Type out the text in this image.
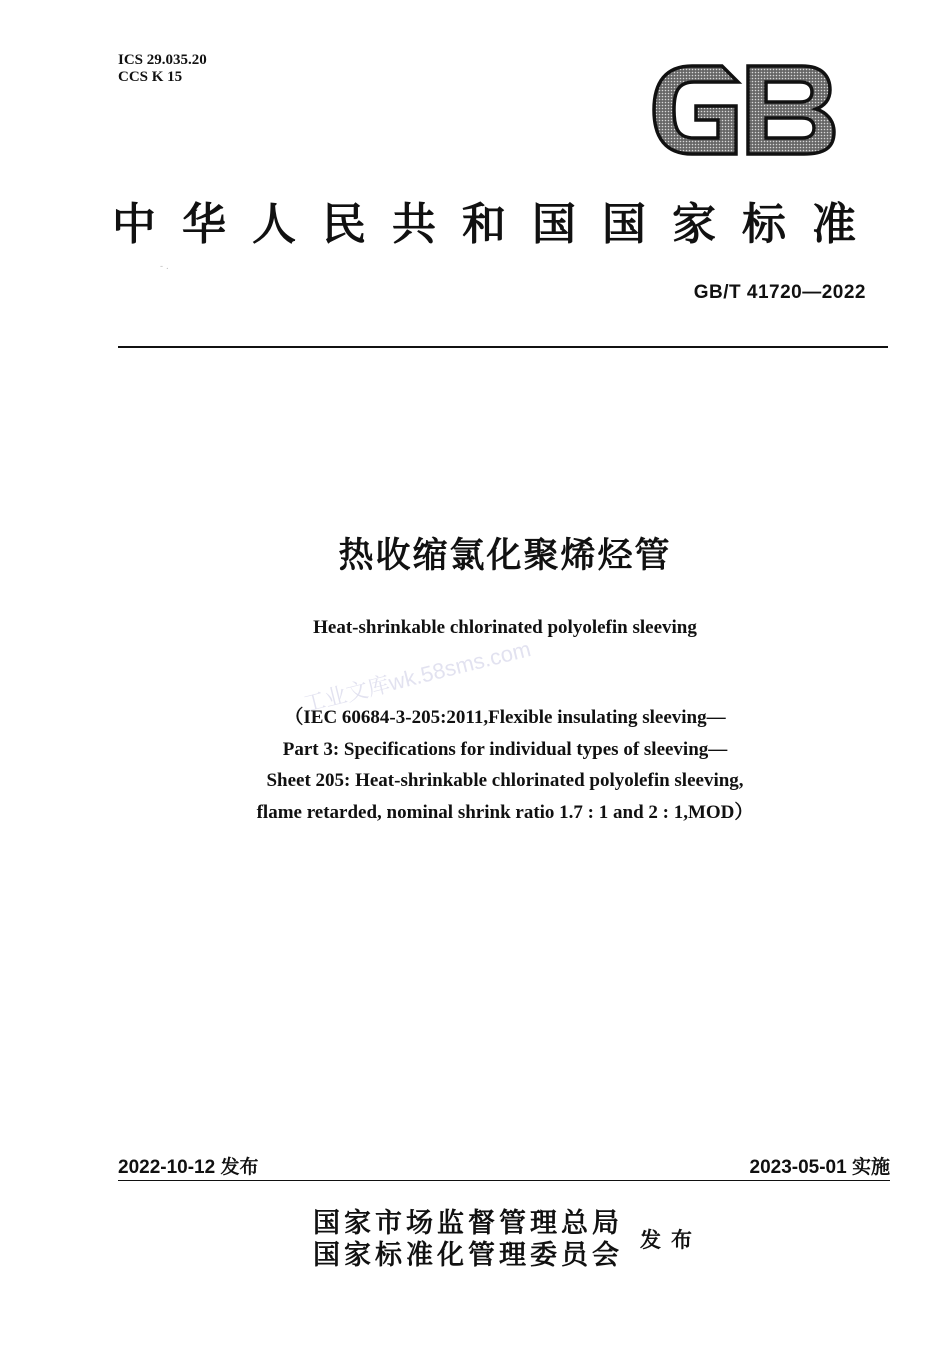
ICS 29.035.20
CCS K 15
GB
中华人民共和国国家标准
- .
GB/T 41720—2022
热收缩氯化聚烯烃管
Heat-shrinkable chlorinated polyolefin sleeving
工业文库wk.58sms.com
（IEC 60684-3-205:2011,Flexible insulating sleeving—
Part 3: Specifications for individual types of sleeving—
Sheet 205: Heat-shrinkable chlorinated polyolefin sleeving,
flame retarded, nominal shrink ratio 1.7 : 1 and 2 : 1,MOD）
2022-10-12 发布	2023-05-01 实施
国家市场监督管理总局
国家标准化管理委员会
发布
